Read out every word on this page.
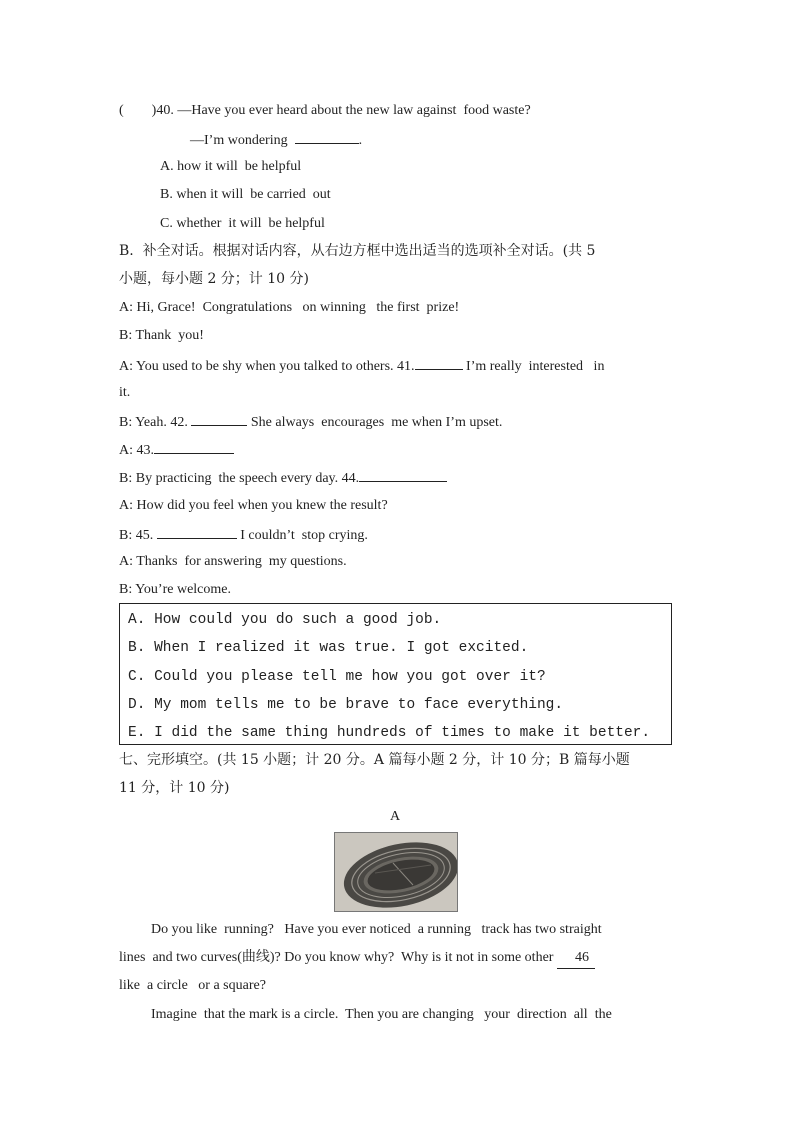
(        )40. —Have you ever heard about the new law against  food waste?
—I’m wondering	.
A. how it will  be helpful
B. when it will  be carried  out
C. whether  it will  be helpful
B.  补全对话。根据对话内容，从右边方框中选出适当的选项补全对话。(共 5
小题，每小题 2 分；计 10 分)
A: Hi, Grace!  Congratulations   on winning   the first  prize!
B: Thank  you!
A: You used to be shy when you talked to others. 41.	I’m really  interested   in
it.
B: Yeah. 42.	She always  encourages  me when I’m upset.
A: 43.
B: By practicing  the speech every day. 44.
A: How did you feel when you knew the result?
B: 45.	I couldn’t  stop crying.
A: Thanks  for answering  my questions.
B: You’re welcome.
A. How could you do such a good job.
B. When I realized it was true. I got excited.
C. Could you please tell me how you got over it?
D. My mom tells me to be brave to face everything.
E. I did the same thing hundreds of times to make it better.
七、完形填空。(共 15 小题；计 20 分。A 篇每小题 2 分，计 10 分；B 篇每小题
11 分，计 10 分)
A
Do you like  running?   Have you ever noticed  a running   track has two straight
lines  and two curves(曲线)? Do you know why?  Why is it not in some other 46
like  a circle   or a square?
Imagine  that the mark is a circle.  Then you are changing   your  direction  all  the
